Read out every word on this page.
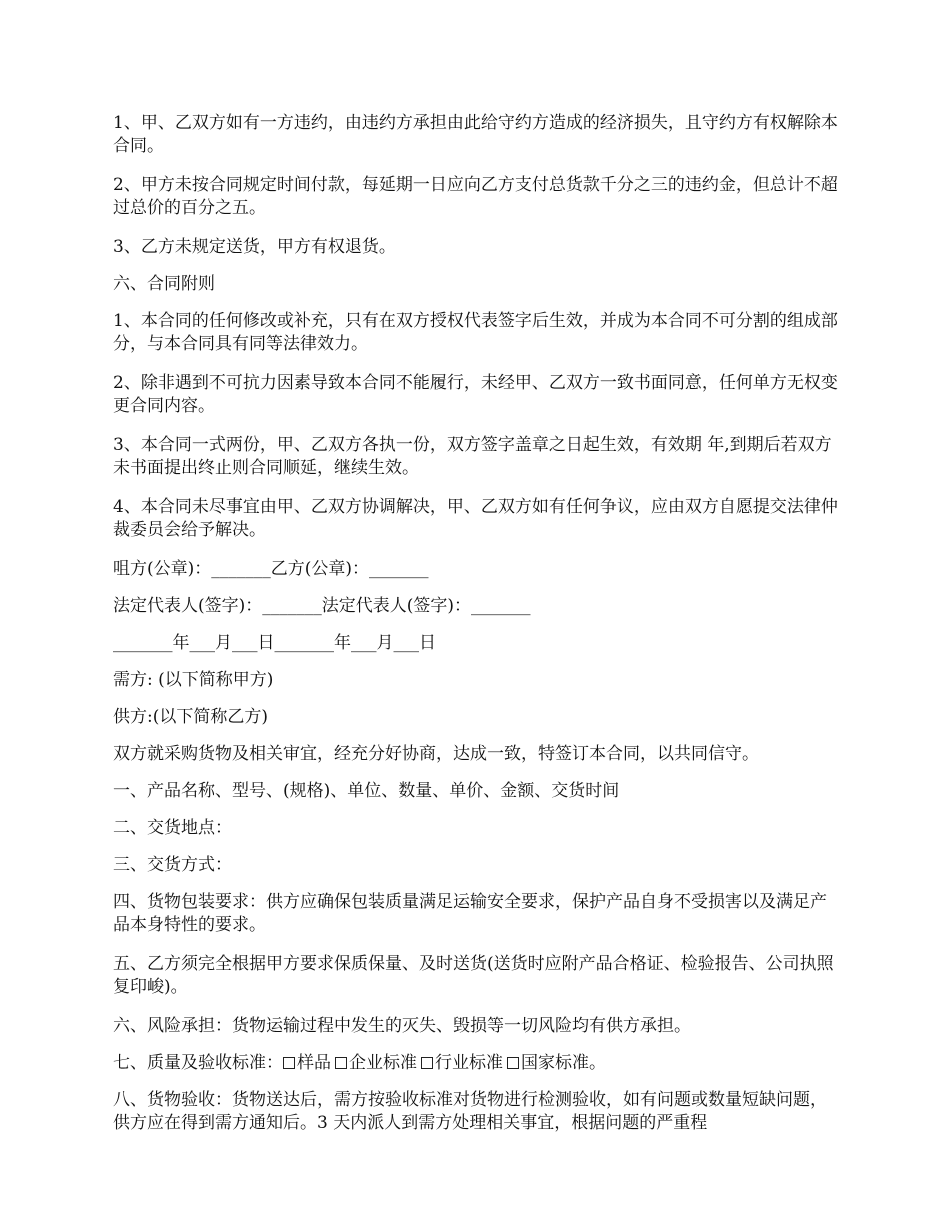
1、甲、乙双方如有一方违约，由违约方承担由此给守约方造成的经济损失，且守约方有权解除本合同。

2、甲方未按合同规定时间付款，每延期一日应向乙方支付总货款千分之三的违约金，但总计不超过总价的百分之五。

3、乙方未规定送货，甲方有权退货。

六、合同附则

1、本合同的任何修改或补充，只有在双方授权代表签字后生效，并成为本合同不可分割的组成部分，与本合同具有同等法律效力。

2、除非遇到不可抗力因素导致本合同不能履行，未经甲、乙双方一致书面同意，任何单方无权变更合同内容。

3、本合同一式两份，甲、乙双方各执一份，双方签字盖章之日起生效，有效期 年,到期后若双方未书面提出终止则合同顺延，继续生效。

4、本合同未尽事宜由甲、乙双方协调解决，甲、乙双方如有任何争议，应由双方自愿提交法律仲裁委员会给予解决。

咀方(公章)：_______乙方(公章)：_______

法定代表人(签字)：_______法定代表人(签字)：_______

_______年___月___日_______年___月___日

需方: (以下简称甲方)

供方:(以下简称乙方)

双方就采购货物及相关审宜，经充分好协商，达成一致，特签订本合同，以共同信守。

一、产品名称、型号、(规格)、单位、数量、单价、金额、交货时间

二、交货地点：

三、交货方式：

四、货物包装要求：供方应确保包装质量满足运输安全要求，保护产品自身不受损害以及满足产品本身特性的要求。

五、乙方须完全根据甲方要求保质保量、及时送货(送货时应附产品合格证、检验报告、公司执照复印峻)。

六、风险承担：货物运输过程中发生的灭失、毁损等一切风险均有供方承担。

七、质量及验收标准： 样品 企业标准 行业标准 国家标准。

八、货物验收：货物送达后，需方按验收标准对货物进行检测验收，如有问题或数量短缺问题，供方应在得到需方通知后。3 天内派人到需方处理相关事宜，根据问题的严重程
